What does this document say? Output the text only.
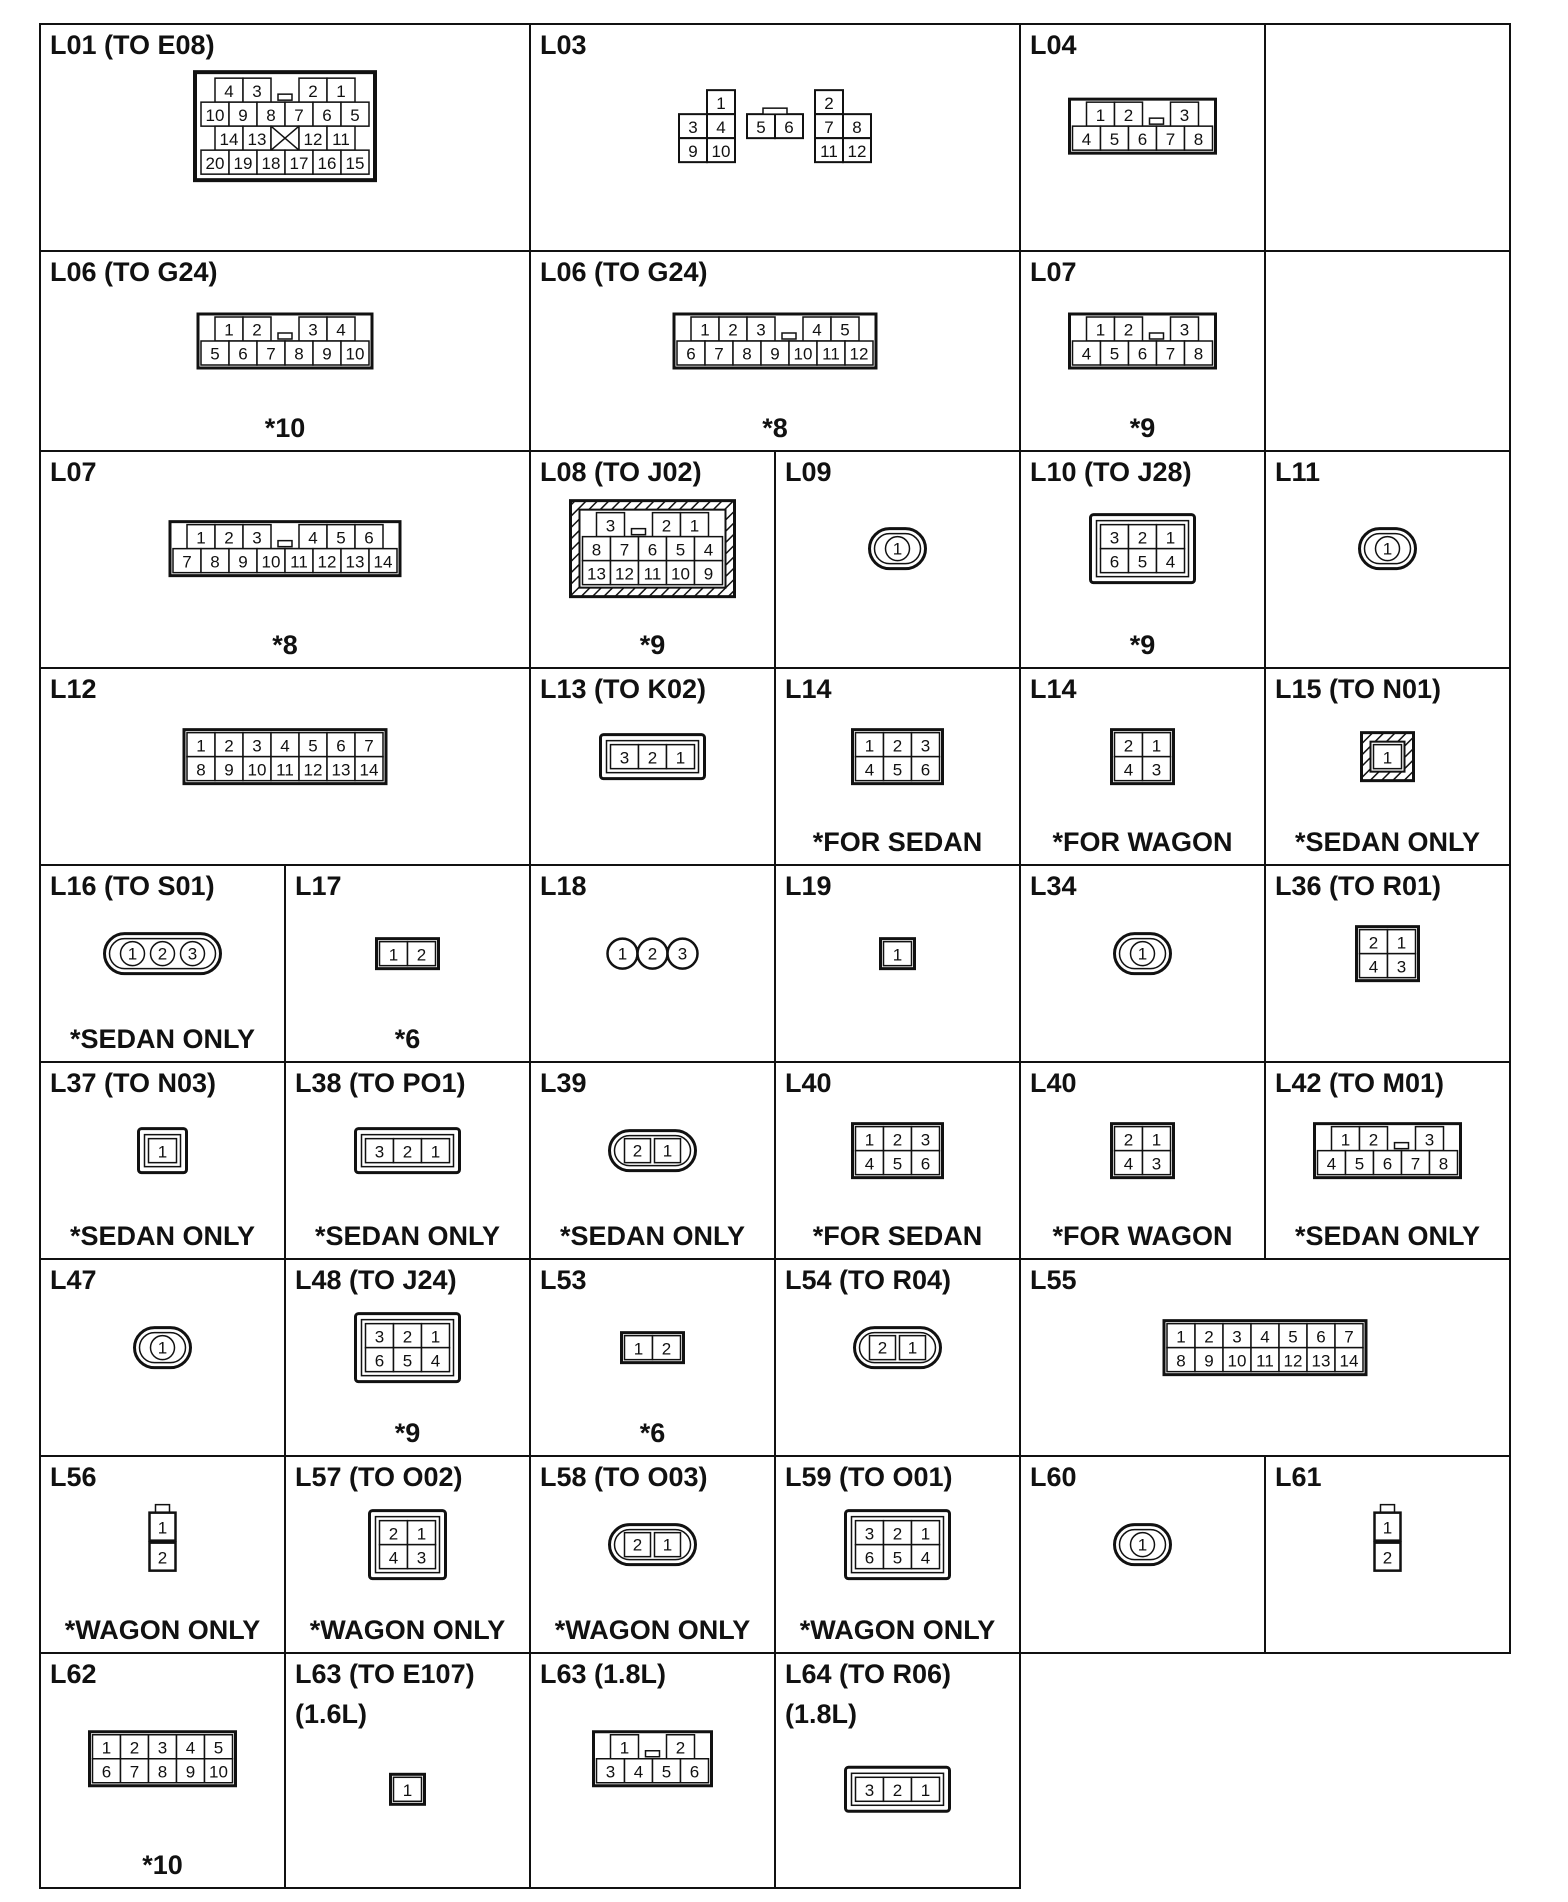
L01 (TO E08)
4 3	2 1
10 9 8 7 6 5
14 13 12 11
20 19 18 17 16 15
L03
1
3 4
9 10
5 6
2
7 8
11 12
L04
1 2	3
4 5 6 7 8
L06 (TO G24)
1 2	3 4
5 6 7 8 9 10
*10
L06 (TO G24)
1 2 3	4 5
6 7 8 9 10 11 12
*8
L07
1 2	3
4 5 6 7 8
*9
L07
1 2 3	4 5 6
7 8 9 10 11 12 13 14
*8
L08 (TO J02)
3	2 1
8 7 6 5 4
13 12 11 10 9
*9
L09
1
L10 (TO J28)
3 2 1
6 5 4
*9
L11
1
L12
1 2 3 4 5 6 7
8 9 10 11 12 13 14
L13 (TO K02)
3 2 1
L14
1 2 3
4 5 6
*FOR SEDAN
L14
2 1
4 3
*FOR WAGON
L15 (TO N01)
1
*SEDAN ONLY
L16 (TO S01)
1 2 3
*SEDAN ONLY
L17
1 2
*6
L18
1 2 3
L19
1
L34
1
L36 (TO R01)
2 1
4 3
L37 (TO N03)
1
*SEDAN ONLY
L38 (TO PO1)
3 2 1
*SEDAN ONLY
L39
2 1
*SEDAN ONLY
L40
1 2 3
4 5 6
*FOR SEDAN
L40
2 1
4 3
*FOR WAGON
L42 (TO M01)
1 2	3
4 5 6 7 8
*SEDAN ONLY
L47
1
L48 (TO J24)
3 2 1
6 5 4
*9
L53
1 2
*6
L54 (TO R04)
2 1
L55
1 2 3 4 5 6 7
8 9 10 11 12 13 14
L56
1
2
*WAGON ONLY
L57 (TO O02)
2 1
4 3
*WAGON ONLY
L58 (TO O03)
2 1
*WAGON ONLY
L59 (TO O01)
3 2 1
6 5 4
*WAGON ONLY
L60
1
L61
1
2
L62
1 2 3 4 5
6 7 8 9 10
*10
L63 (TO E107)
(1.6L)
1
L63 (1.8L)
1	2
3 4 5 6
L64 (TO R06)
(1.8L)
3 2 1
